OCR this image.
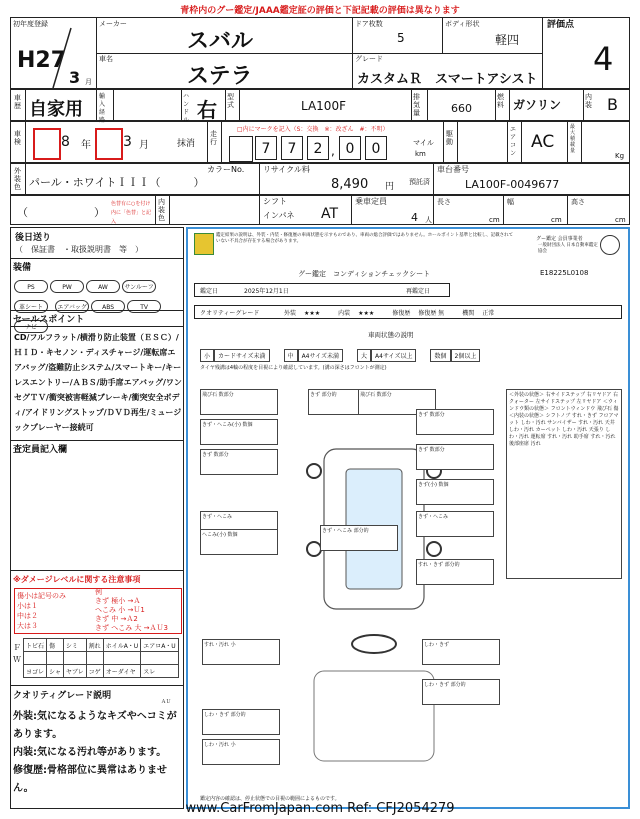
青枠内のグー鑑定/JAAA鑑定証の評価と下記記載の評価は異なります
初年度登録
H27
3 月
メーカー
スバル
ドア枚数
5
ボディ形状
軽四
車名
ステラ
グレード
カスタムＲ　スマートアシスト
評価点
4
車歴 自家用
輸入経路
ハンドル 右
型式	LA100F
排気量	660
燃料 ガソリン
内装 B
車検	8 年 3 月	抹消
走行
□内にマークを記入（S：交換　※：改ざん　#：不明）
7	7	2 , 0	0	マイル
km
駆動
エアコン
AC
最大積載量
Kg
外装色 パール・ホワイトＩＩＩ（　　　）
カラーNo. リサイクル料
8,490 円 預託済
車台番号
LA100F-0049677
（　　　　　　）
色替有に○を付け内に「色替」と記入
内装色
シフト
インパネ AT
乗車定員
4 人
長さ
cm
幅
cm
高さ
cm
後日送り
（　保証書　・取扱説明書　等　）
装備
PS	PW	AW	サンルーフ革シート エアバッグ	ABS	TVナビ
セールスポイント
CD/フルフラット/横滑り防止装置（ＥＳＣ）/ＨＩＤ・キセノン・ディスチャージ/運転席エアバッグ/盗難防止システム/スマートキー/キーレスエントリー/ＡＢＳ/助手席エアバッグ/ワンセグＴＶ/衝突被害軽減ブレーキ/衝突安全ボディ/アイドリングストップ/ＤＶＤ再生/ミュージックプレーヤー接続可
査定員記入欄
※ダメージレベルに関する注意事項
傷小は記号のみ
小は１
中は２
大は３
例
きず 極小 →Ａ
へこみ 小 →Ｕ1
きず 中 →Ａ2
きず へこみ 大 →ＡＵ3
Ｆ Ｗ
トビ石	傷	シミ	割れ	ホイルA・U	エアロA・U

ヨゴレ	シャ	ヤブレ	コゲ	オーダイヤ	スレ
ＡＵ
クオリティグレード説明
外装:気になるようなキズやヘコミがあります。
内装:気になる汚れ等があります。
修復歴:骨格部位に異常はありません。
鑑定結果の説明は、外装・内装・修復歴の車両状態を示すものであり、車両の総合評価ではありません。ホールポイント基準と比較し、記載されていない不具合が存在する場合があります。	グー鑑定 会員事業者
一般財団法人 日本自動車鑑定協会
グー鑑定　コンディションチェックシート	E18225L0108
鑑定日	2025年12月1日	再鑑定日
クオリティーグレード	外装 ★★★	内装 ★★★	修復歴 修復歴 無	機関 正常
車両状態の説明
小 カードサイズ未満	中 A4サイズ未満	大 A4サイズ以上	数個 2個以上
タイヤ残溝は4輪の程度を目視により確認しています。(溝の深さはフロントが測定)
飛び石 数部分	きず 部分的	飛び石 数部分
きず 数部分
きず・へこみ(小) 数個
きず 数部分
きず 数部分
きず(小) 数個
きず・へこみ	きず・へこみ
へこみ(小) 数個
きず・へこみ 部分的
すれ・きず 部分的
すれ・汚れ 小	しわ・きず
しわ・きず 部分的
しわ・きず 部分的
しわ・汚れ 小
＜外装の状態＞ 右サイドステップ 右リヤドア 右クォーター 左サイドステップ 左リヤドア ＜ウィンドウ類の状態＞ フロントウィンドウ 飛び石 傷 ＜内装の状態＞ シフトノブ すれ・きず フロアマット しわ・汚れ サンバイザー すれ・汚れ 天井 しわ・汚れ カーペット しわ・汚れ 天張り しわ・汚れ 運転席 すれ・汚れ 助手席 すれ・汚れ 後部座席 汚れ
鑑定内容の確認は、停止状態での目視の範囲によるものです。
www.CarFromJapan.com Ref: CFJ2054279
